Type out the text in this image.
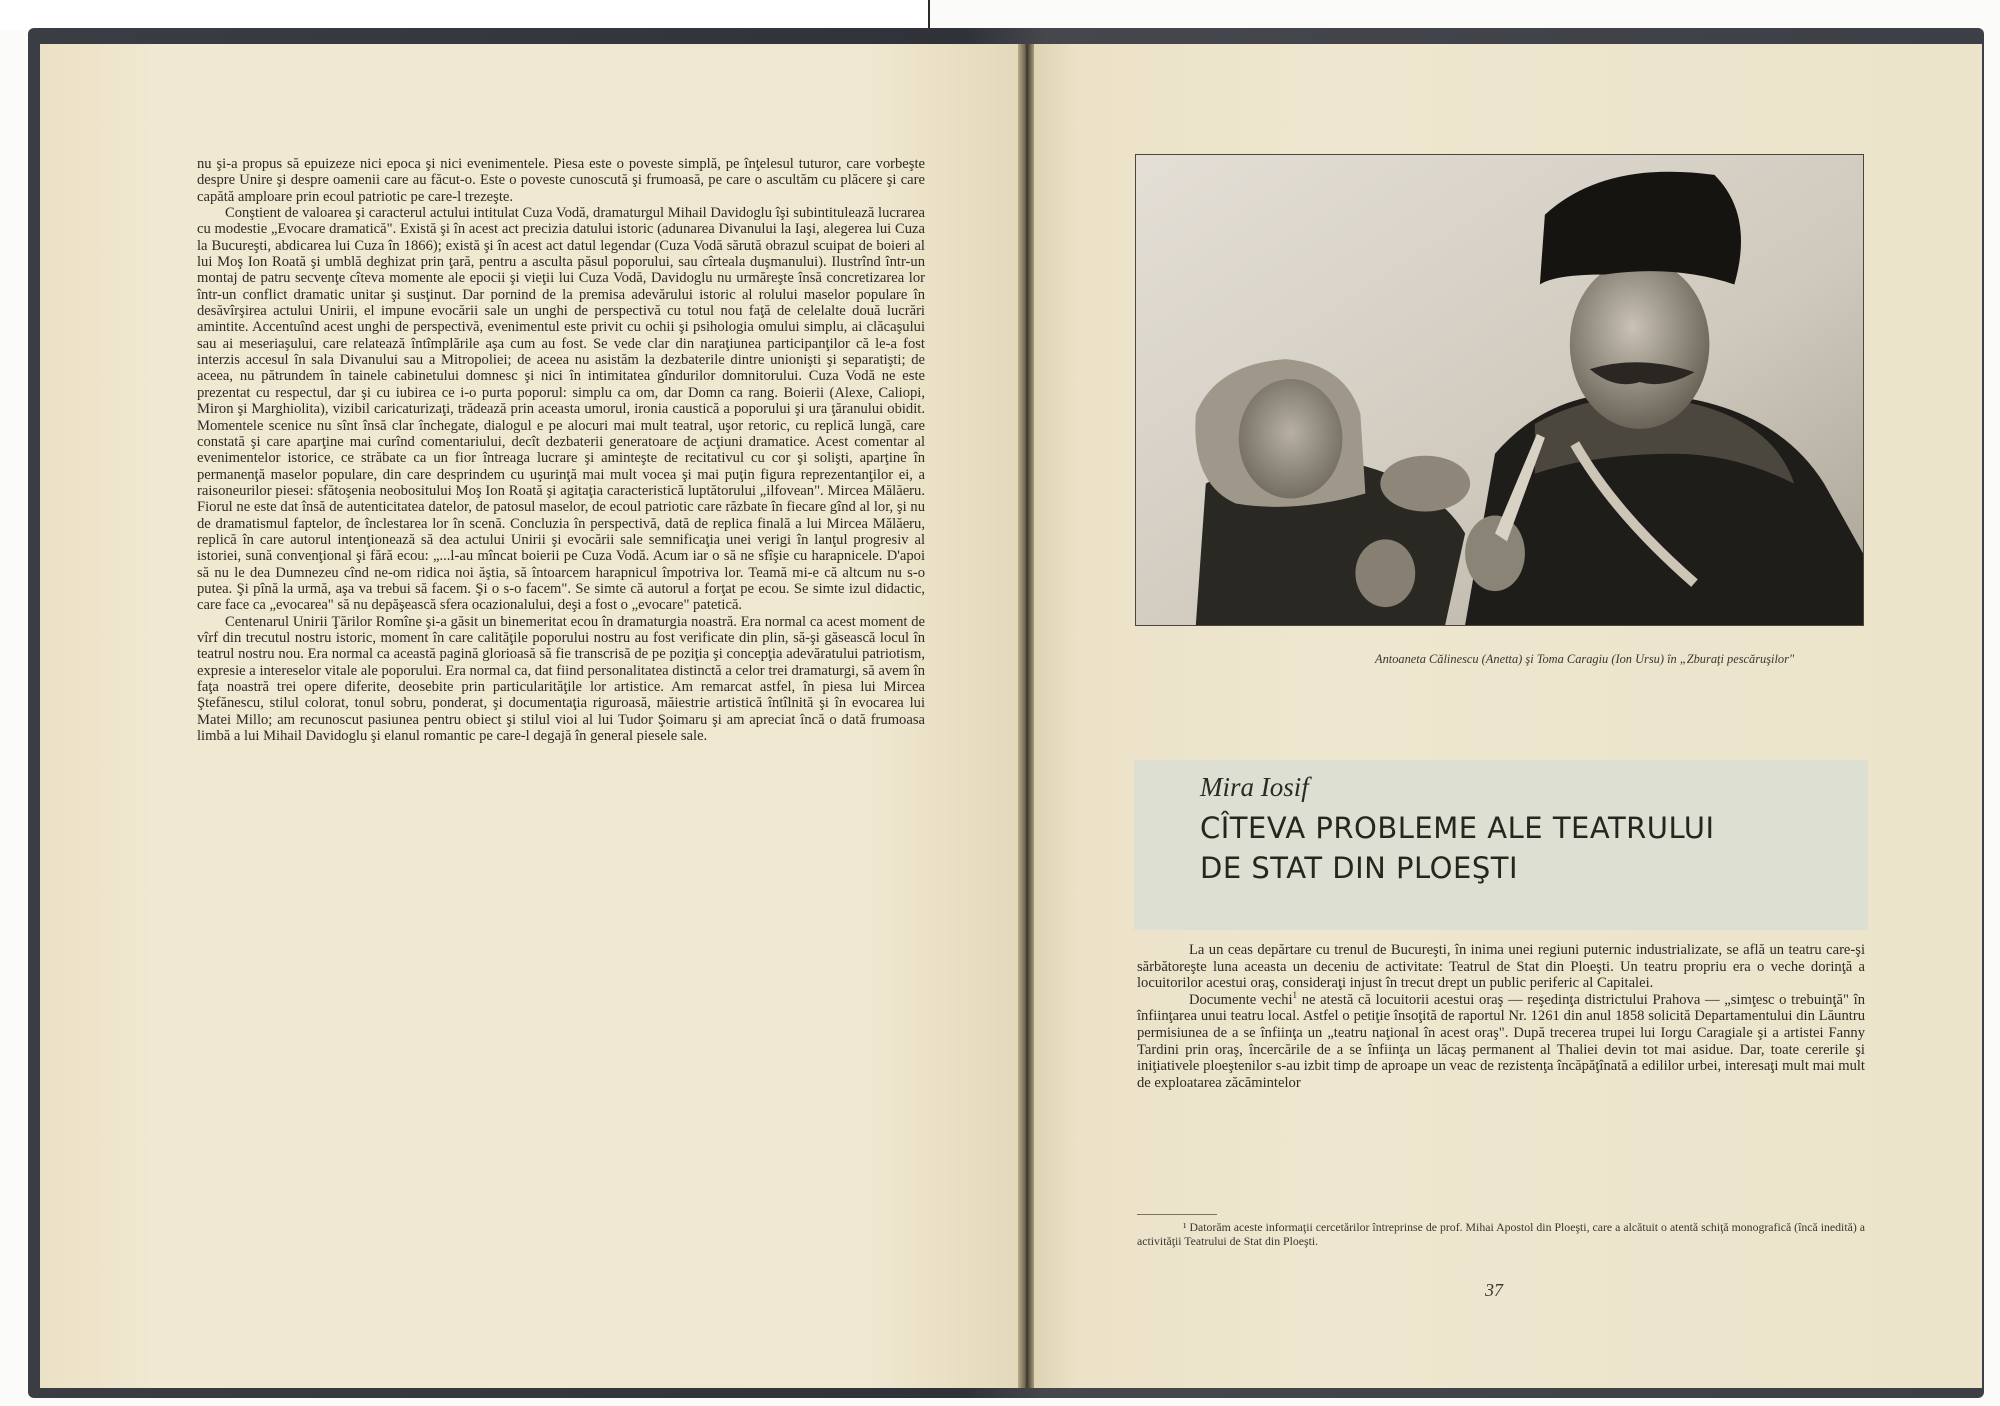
nu şi-a propus să epuizeze nici epoca şi nici evenimentele. Piesa este o poveste simplă, pe înţelesul tuturor, care vorbeşte despre Unire şi despre oamenii care au făcut-o. Este o poveste cunoscută şi frumoasă, pe care o ascultăm cu plăcere şi care capătă amploare prin ecoul patriotic pe care-l trezeşte.

Conştient de valoarea şi caracterul actului intitulat Cuza Vodă, dramaturgul Mihail Davidoglu îşi subintitulează lucrarea cu modestie „Evocare dramatică". Există şi în acest act precizia datului istoric (adunarea Divanului la Iaşi, alegerea lui Cuza la Bucureşti, abdicarea lui Cuza în 1866); există şi în acest act datul legendar (Cuza Vodă sărută obrazul scuipat de boieri al lui Moş Ion Roată şi umblă deghizat prin ţară, pentru a asculta păsul poporului, sau cîrteala duşmanului). Ilustrînd într-un montaj de patru secvenţe cîteva momente ale epocii şi vieţii lui Cuza Vodă, Davidoglu nu urmăreşte însă concretizarea lor într-un conflict dramatic unitar şi susţinut. Dar pornind de la premisa adevărului istoric al rolului maselor populare în desăvîrşirea actului Unirii, el impune evocării sale un unghi de perspectivă cu totul nou faţă de celelalte două lucrări amintite. Accentuînd acest unghi de perspectivă, evenimentul este privit cu ochii şi psihologia omului simplu, ai clăcaşului sau ai meseriaşului, care relatează întîmplările aşa cum au fost. Se vede clar din naraţiunea participanţilor că le-a fost interzis accesul în sala Divanului sau a Mitropoliei; de aceea nu asistăm la dezbaterile dintre unionişti şi separatişti; de aceea, nu pătrundem în tainele cabinetului domnesc şi nici în intimitatea gîndurilor domnitorului. Cuza Vodă ne este prezentat cu respectul, dar şi cu iubirea ce i-o purta poporul: simplu ca om, dar Domn ca rang. Boierii (Alexe, Caliopi, Miron şi Marghiolita), vizibil caricaturizaţi, trădează prin aceasta umorul, ironia caustică a poporului şi ura ţăranului obidit. Momentele scenice nu sînt însă clar închegate, dialogul e pe alocuri mai mult teatral, uşor retoric, cu replică lungă, care constată şi care aparţine mai curînd comentariului, decît dezbaterii generatoare de acţiuni dramatice. Acest comentar al evenimentelor istorice, ce străbate ca un fior întreaga lucrare şi aminteşte de recitativul cu cor şi solişti, aparţine în permanenţă maselor populare, din care desprindem cu uşurinţă mai mult vocea şi mai puţin figura reprezentanţilor ei, a raisoneurilor piesei: sfătoşenia neobositului Moş Ion Roată şi agitaţia caracteristică luptătorului „ilfovean". Mircea Mălăeru. Fiorul ne este dat însă de autenticitatea datelor, de patosul maselor, de ecoul patriotic care răzbate în fiecare gînd al lor, şi nu de dramatismul faptelor, de înclestarea lor în scenă. Concluzia în perspectivă, dată de replica finală a lui Mircea Mălăeru, replică în care autorul intenţionează să dea actului Unirii şi evocării sale semnificaţia unei verigi în lanţul progresiv al istoriei, sună convenţional şi fără ecou: „...l-au mîncat boierii pe Cuza Vodă. Acum iar o să ne sfîşie cu harapnicele. D'apoi să nu le dea Dumnezeu cînd ne-om ridica noi ăştia, să întoarcem harapnicul împotriva lor. Teamă mi-e că altcum nu s-o putea. Şi pînă la urmă, aşa va trebui să facem. Şi o s-o facem". Se simte că autorul a forţat pe ecou. Se simte izul didactic, care face ca „evocarea" să nu depăşească sfera ocazionalului, deşi a fost o „evocare" patetică.

Centenarul Unirii Ţărilor Romîne şi-a găsit un binemeritat ecou în dramaturgia noastră. Era normal ca acest moment de vîrf din trecutul nostru istoric, moment în care calităţile poporului nostru au fost verificate din plin, să-şi găsească locul în teatrul nostru nou. Era normal ca această pagină glorioasă să fie transcrisă de pe poziţia şi concepţia adevăratului patriotism, expresie a intereselor vitale ale poporului. Era normal ca, dat fiind personalitatea distinctă a celor trei dramaturgi, să avem în faţa noastră trei opere diferite, deosebite prin particularităţile lor artistice. Am remarcat astfel, în piesa lui Mircea Ştefănescu, stilul colorat, tonul sobru, ponderat, şi documentaţia riguroasă, măiestrie artistică întîlnită şi în evocarea lui Matei Millo; am recunoscut pasiunea pentru obiect şi stilul vioi al lui Tudor Şoimaru şi am apreciat încă o dată frumoasa limbă a lui Mihail Davidoglu şi elanul romantic pe care-l degajă în general piesele sale.

Antoaneta Călinescu (Anetta) şi Toma Caragiu (Ion Ursu) în „Zburaţi pescăruşilor"
Mira Iosif
CÎTEVA PROBLEME ALE TEATRULUI
DE STAT DIN PLOEŞTI

La un ceas depărtare cu trenul de Bucureşti, în inima unei regiuni puternic industrializate, se află un teatru care-şi sărbătoreşte luna aceasta un deceniu de activitate: Teatrul de Stat din Ploeşti. Un teatru propriu era o veche dorinţă a locuitorilor acestui oraş, consideraţi injust în trecut drept un public periferic al Capitalei.

Documente vechi$^1$ ne atestă că locuitorii acestui oraş — reşedinţa districtului Prahova — „simţesc o trebuinţă" în înfiinţarea unui teatru local. Astfel o petiţie însoţită de raportul Nr. 1261 din anul 1858 solicită Departamentului din Lăuntru permisiunea de a se înfiinţa un „teatru naţional în acest oraş". După trecerea trupei lui Iorgu Caragiale şi a artistei Fanny Tardini prin oraş, încercările de a se înfiinţa un lăcaş permanent al Thaliei devin tot mai asidue. Dar, toate cererile şi iniţiativele ploeştenilor s-au izbit timp de aproape un veac de rezistenţa încăpăţînată a edililor urbei, interesaţi mult mai mult de exploatarea zăcămintelor

¹ Datorăm aceste informaţii cercetărilor întreprinse de prof. Mihai Apostol din Ploeşti, care a alcătuit o atentă schiţă monografică (încă inedită) a activităţii Teatrului de Stat din Ploeşti.

37
